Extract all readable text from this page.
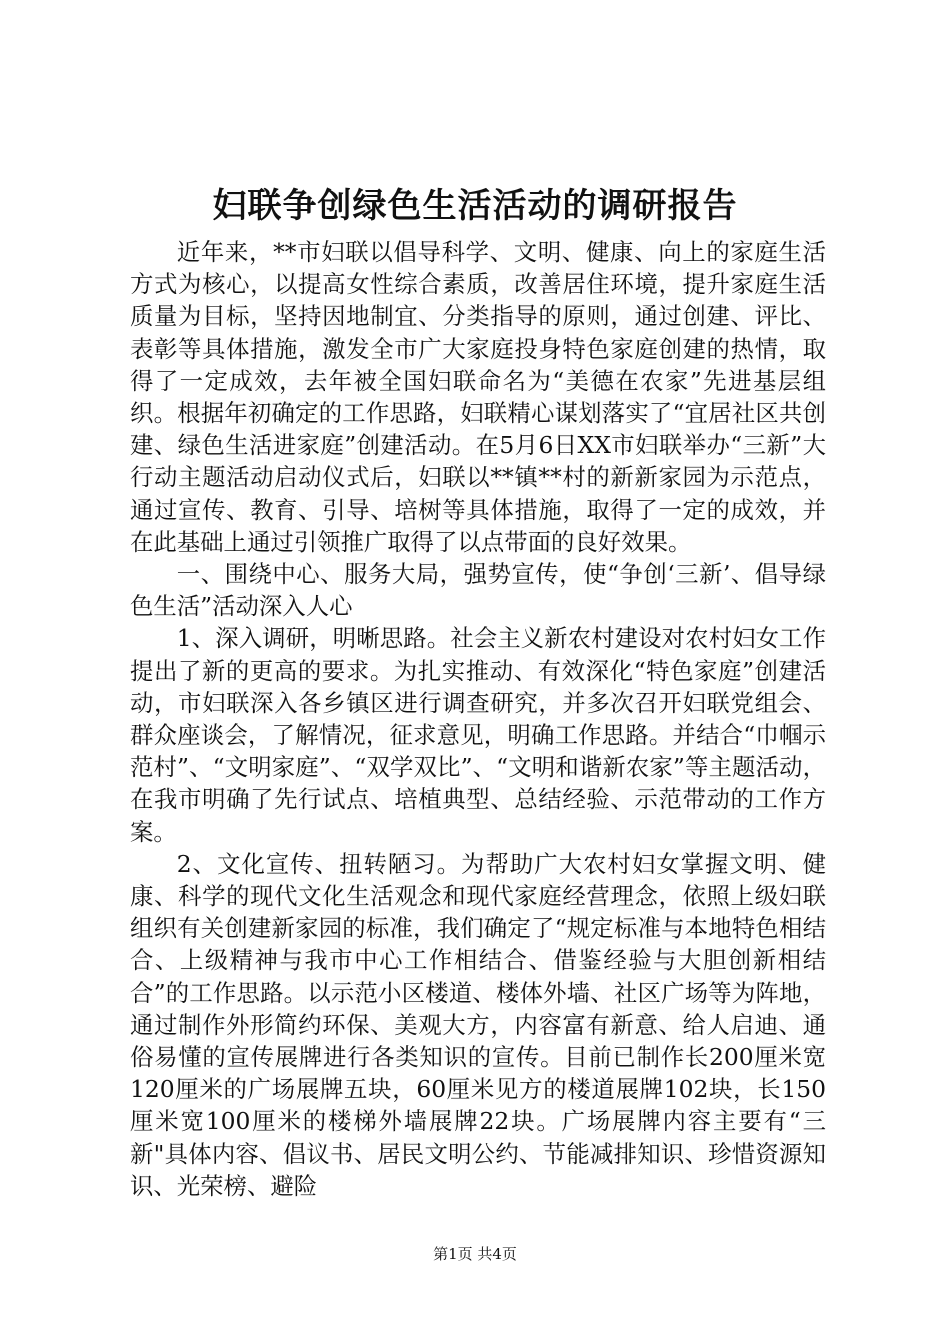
妇联争创绿色生活活动的调研报告

近年来，**市妇联以倡导科学、文明、健康、向上的家庭生活方式为核心，以提高女性综合素质，改善居住环境，提升家庭生活质量为目标，坚持因地制宜、分类指导的原则，通过创建、评比、表彰等具体措施，激发全市广大家庭投身特色家庭创建的热情，取得了一定成效，去年被全国妇联命名为“美德在农家”先进基层组织。根据年初确定的工作思路，妇联精心谋划落实了“宜居社区共创建、绿色生活进家庭”创建活动。在5月6日XX市妇联举办“三新”大行动主题活动启动仪式后，妇联以**镇**村的新新家园为示范点，通过宣传、教育、引导、培树等具体措施，取得了一定的成效，并在此基础上通过引领推广取得了以点带面的良好效果。

一、围绕中心、服务大局，强势宣传，使“争创‘三新’、倡导绿色生活”活动深入人心

1、深入调研，明晰思路。社会主义新农村建设对农村妇女工作提出了新的更高的要求。为扎实推动、有效深化“特色家庭”创建活动，市妇联深入各乡镇区进行调查研究，并多次召开妇联党组会、群众座谈会，了解情况，征求意见，明确工作思路。并结合“巾帼示范村”、“文明家庭”、“双学双比”、“文明和谐新农家”等主题活动，在我市明确了先行试点、培植典型、总结经验、示范带动的工作方案。

2、文化宣传、扭转陋习。为帮助广大农村妇女掌握文明、健康、科学的现代文化生活观念和现代家庭经营理念，依照上级妇联组织有关创建新家园的标准，我们确定了“规定标准与本地特色相结合、上级精神与我市中心工作相结合、借鉴经验与大胆创新相结合”的工作思路。以示范小区楼道、楼体外墙、社区广场等为阵地，通过制作外形简约环保、美观大方，内容富有新意、给人启迪、通俗易懂的宣传展牌进行各类知识的宣传。目前已制作长200厘米宽120厘米的广场展牌五块，60厘米见方的楼道展牌102块，长150厘米宽100厘米的楼梯外墙展牌22块。广场展牌内容主要有“三新"具体内容、倡议书、居民文明公约、节能减排知识、珍惜资源知识、光荣榜、避险

第1页 共4页
